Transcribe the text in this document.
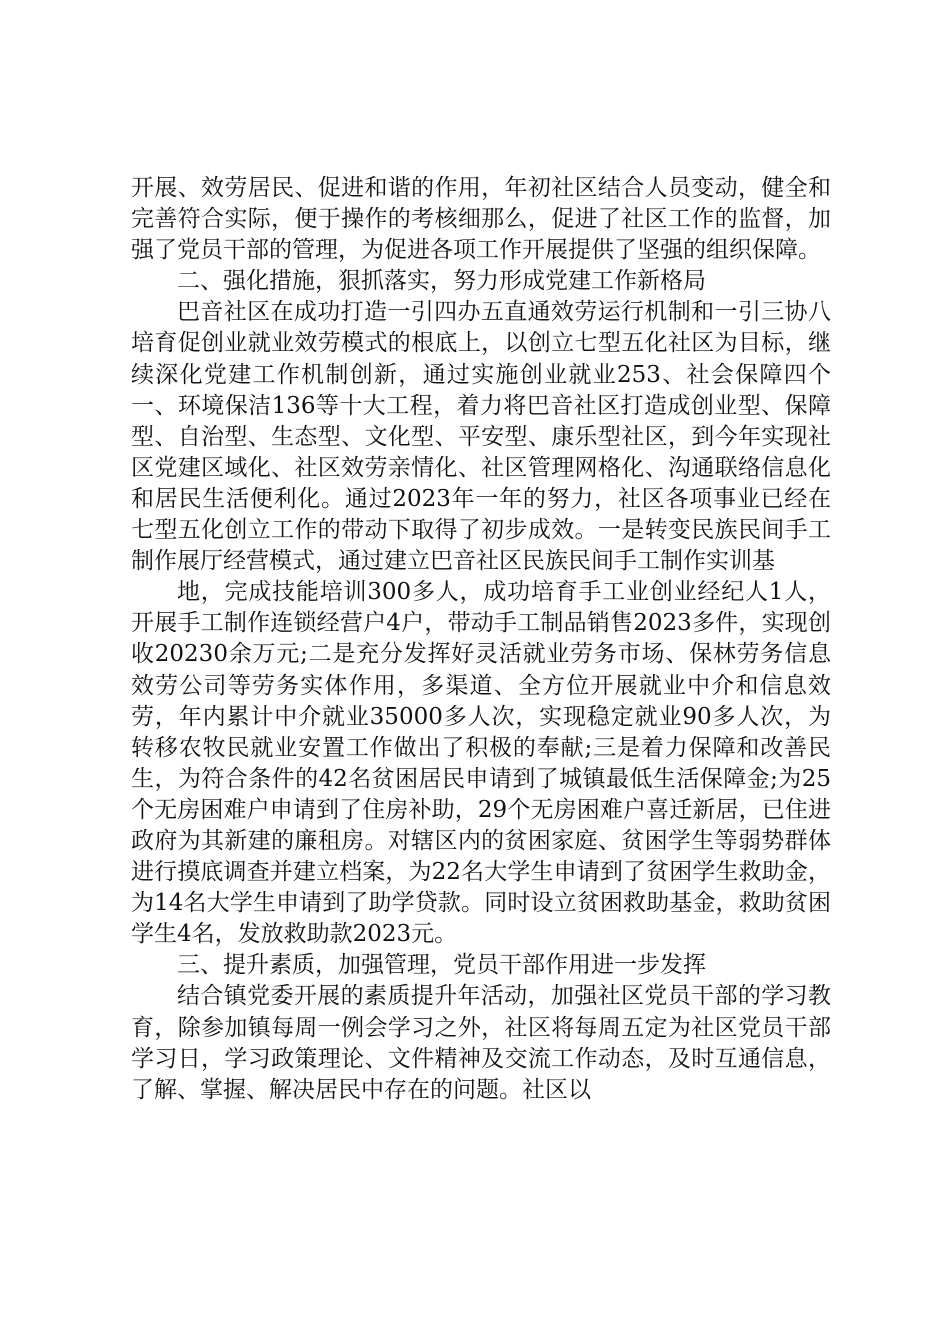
开展、效劳居民、促进和谐的作用，年初社区结合人员变动，健全和完善符合实际，便于操作的考核细那么，促进了社区工作的监督，加强了党员干部的管理，为促进各项工作开展提供了坚强的组织保障。

二、强化措施，狠抓落实，努力形成党建工作新格局

巴音社区在成功打造一引四办五直通效劳运行机制和一引三协八培育促创业就业效劳模式的根底上，以创立七型五化社区为目标，继续深化党建工作机制创新，通过实施创业就业253、社会保障四个一、环境保洁136等十大工程，着力将巴音社区打造成创业型、保障型、自治型、生态型、文化型、平安型、康乐型社区，到今年实现社区党建区域化、社区效劳亲情化、社区管理网格化、沟通联络信息化和居民生活便利化。通过2023年一年的努力，社区各项事业已经在七型五化创立工作的带动下取得了初步成效。一是转变民族民间手工制作展厅经营模式，通过建立巴音社区民族民间手工制作实训基

地，完成技能培训300多人，成功培育手工业创业经纪人1人，开展手工制作连锁经营户4户，带动手工制品销售2023多件，实现创收20230余万元;二是充分发挥好灵活就业劳务市场、保林劳务信息效劳公司等劳务实体作用，多渠道、全方位开展就业中介和信息效劳，年内累计中介就业35000多人次，实现稳定就业90多人次，为转移农牧民就业安置工作做出了积极的奉献;三是着力保障和改善民生，为符合条件的42名贫困居民申请到了城镇最低生活保障金;为25个无房困难户申请到了住房补助，29个无房困难户喜迁新居，已住进政府为其新建的廉租房。对辖区内的贫困家庭、贫困学生等弱势群体进行摸底调查并建立档案，为22名大学生申请到了贫困学生救助金，为14名大学生申请到了助学贷款。同时设立贫困救助基金，救助贫困学生4名，发放救助款2023元。

三、提升素质，加强管理，党员干部作用进一步发挥

结合镇党委开展的素质提升年活动，加强社区党员干部的学习教育，除参加镇每周一例会学习之外，社区将每周五定为社区党员干部学习日，学习政策理论、文件精神及交流工作动态，及时互通信息，了解、掌握、解决居民中存在的问题。社区以
